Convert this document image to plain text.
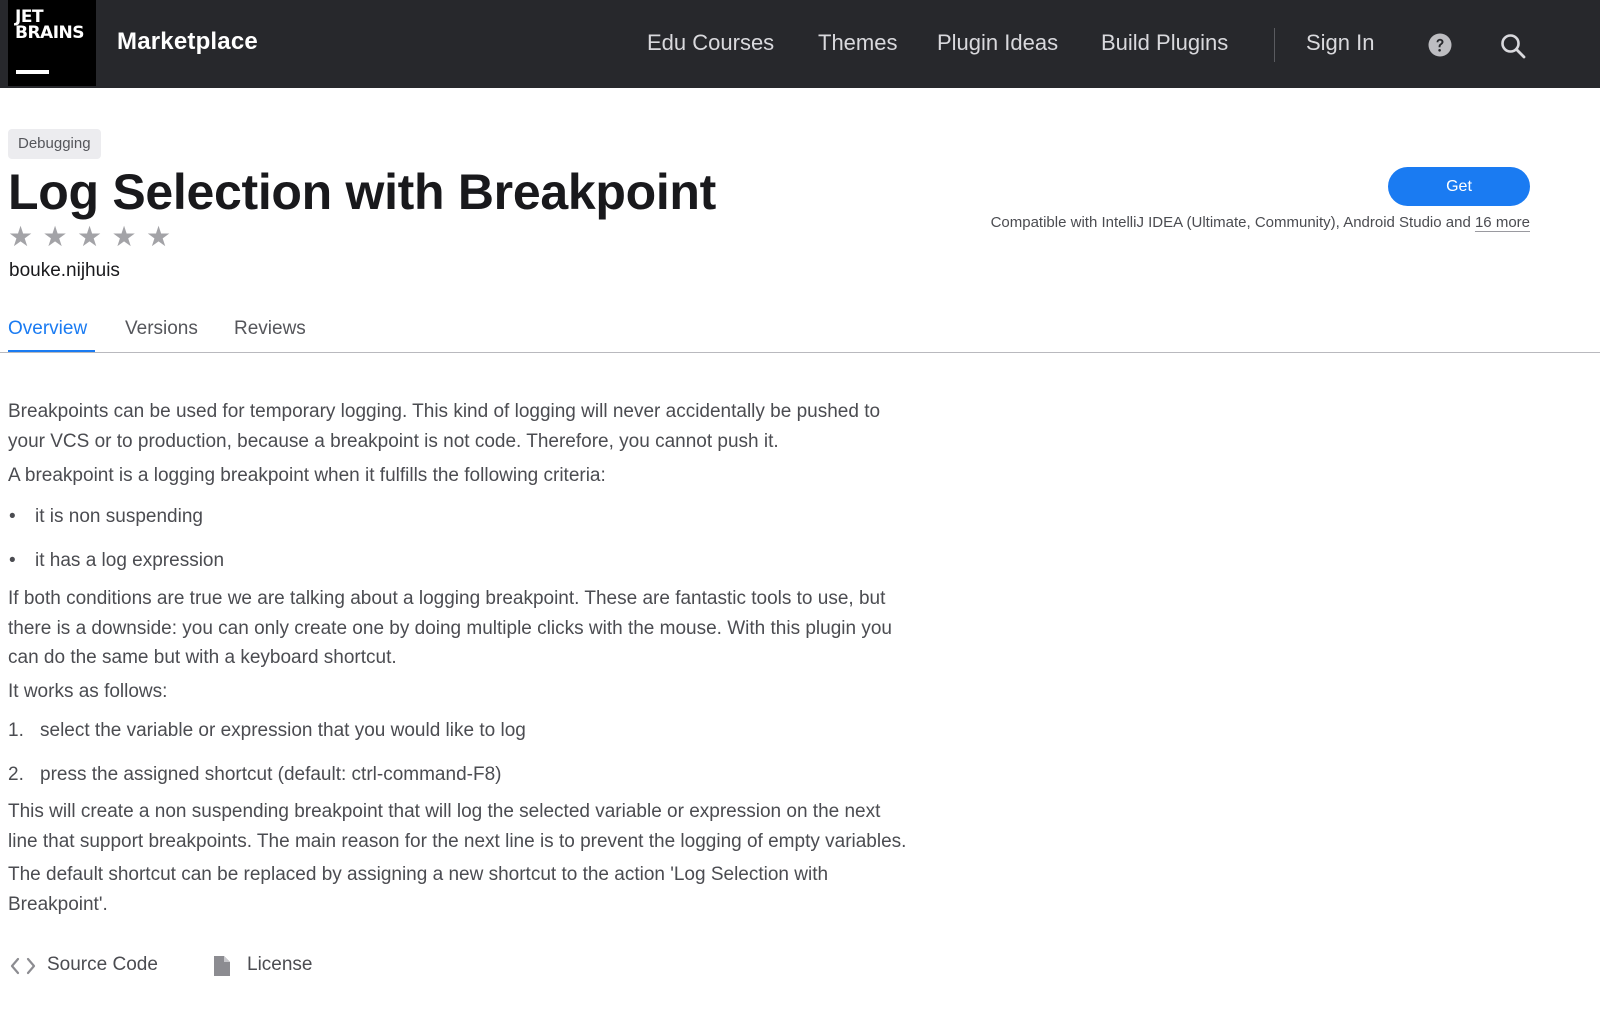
JET
BRAINS Marketplace	Edu Courses Themes Plugin Ideas Build Plugins	Sign In
Debugging
Log Selection with Breakpoint
★ ★ ★ ★ ★
bouke.nijhuis
Get
Compatible with IntelliJ IDEA (Ultimate, Community), Android Studio and 16 more
Overview Versions Reviews
Breakpoints can be used for temporary logging. This kind of logging will never accidentally be pushed to
your VCS or to production, because a breakpoint is not code. Therefore, you cannot push it.
A breakpoint is a logging breakpoint when it fulfills the following criteria:
• it is non suspending
• it has a log expression
If both conditions are true we are talking about a logging breakpoint. These are fantastic tools to use, but
there is a downside: you can only create one by doing multiple clicks with the mouse. With this plugin you
can do the same but with a keyboard shortcut.
It works as follows:
1. select the variable or expression that you would like to log
2. press the assigned shortcut (default: ctrl-command-F8)
This will create a non suspending breakpoint that will log the selected variable or expression on the next
line that support breakpoints. The main reason for the next line is to prevent the logging of empty variables.
The default shortcut can be replaced by assigning a new shortcut to the action 'Log Selection with
Breakpoint'.
Source Code	License
